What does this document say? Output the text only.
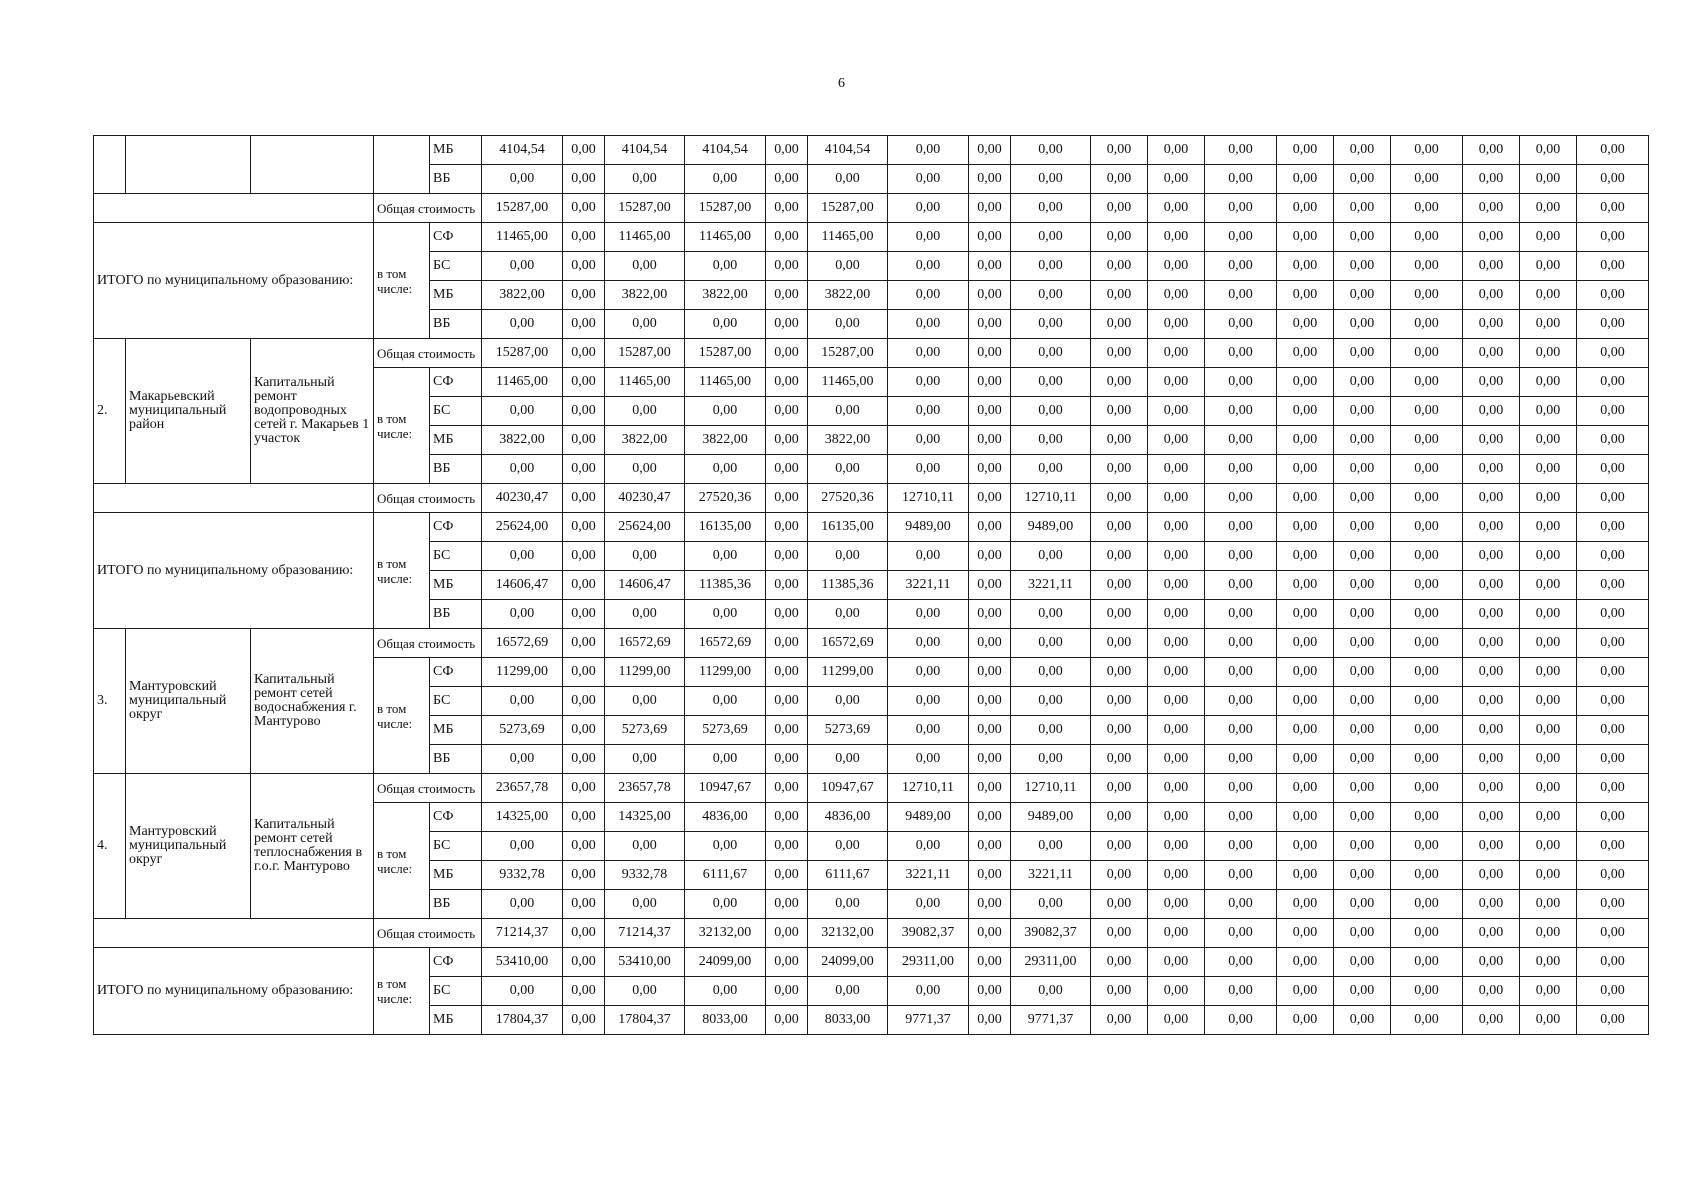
6
				МБ	4104,54	0,00	4104,54	4104,54	0,00	4104,54	0,00	0,00	0,00	0,00	0,00	0,00	0,00	0,00	0,00	0,00	0,00	0,00
				ВБ	0,00	0,00	0,00	0,00	0,00	0,00	0,00	0,00	0,00	0,00	0,00	0,00	0,00	0,00	0,00	0,00	0,00	0,00
			Общая стоимость		15287,00	0,00	15287,00	15287,00	0,00	15287,00	0,00	0,00	0,00	0,00	0,00	0,00	0,00	0,00	0,00	0,00	0,00	0,00
ИТОГО по муниципальному образованию:			в том числе:	СФ	11465,00	0,00	11465,00	11465,00	0,00	11465,00	0,00	0,00	0,00	0,00	0,00	0,00	0,00	0,00	0,00	0,00	0,00	0,00
				БС	0,00	0,00	0,00	0,00	0,00	0,00	0,00	0,00	0,00	0,00	0,00	0,00	0,00	0,00	0,00	0,00	0,00	0,00
				МБ	3822,00	0,00	3822,00	3822,00	0,00	3822,00	0,00	0,00	0,00	0,00	0,00	0,00	0,00	0,00	0,00	0,00	0,00	0,00
				ВБ	0,00	0,00	0,00	0,00	0,00	0,00	0,00	0,00	0,00	0,00	0,00	0,00	0,00	0,00	0,00	0,00	0,00	0,00
2.	Макарьевский муниципальный район	Капитальный ремонт водопроводных сетей г. Макарьев 1 участок	Общая стоимость		15287,00	0,00	15287,00	15287,00	0,00	15287,00	0,00	0,00	0,00	0,00	0,00	0,00	0,00	0,00	0,00	0,00	0,00	0,00
			в том числе:	СФ	11465,00	0,00	11465,00	11465,00	0,00	11465,00	0,00	0,00	0,00	0,00	0,00	0,00	0,00	0,00	0,00	0,00	0,00	0,00
				БС	0,00	0,00	0,00	0,00	0,00	0,00	0,00	0,00	0,00	0,00	0,00	0,00	0,00	0,00	0,00	0,00	0,00	0,00
				МБ	3822,00	0,00	3822,00	3822,00	0,00	3822,00	0,00	0,00	0,00	0,00	0,00	0,00	0,00	0,00	0,00	0,00	0,00	0,00
				ВБ	0,00	0,00	0,00	0,00	0,00	0,00	0,00	0,00	0,00	0,00	0,00	0,00	0,00	0,00	0,00	0,00	0,00	0,00
			Общая стоимость		40230,47	0,00	40230,47	27520,36	0,00	27520,36	12710,11	0,00	12710,11	0,00	0,00	0,00	0,00	0,00	0,00	0,00	0,00	0,00
ИТОГО по муниципальному образованию:			в том числе:	СФ	25624,00	0,00	25624,00	16135,00	0,00	16135,00	9489,00	0,00	9489,00	0,00	0,00	0,00	0,00	0,00	0,00	0,00	0,00	0,00
				БС	0,00	0,00	0,00	0,00	0,00	0,00	0,00	0,00	0,00	0,00	0,00	0,00	0,00	0,00	0,00	0,00	0,00	0,00
				МБ	14606,47	0,00	14606,47	11385,36	0,00	11385,36	3221,11	0,00	3221,11	0,00	0,00	0,00	0,00	0,00	0,00	0,00	0,00	0,00
				ВБ	0,00	0,00	0,00	0,00	0,00	0,00	0,00	0,00	0,00	0,00	0,00	0,00	0,00	0,00	0,00	0,00	0,00	0,00
3.	Мантуровский муниципальный округ	Капитальный ремонт сетей водоснабжения г. Мантурово	Общая стоимость		16572,69	0,00	16572,69	16572,69	0,00	16572,69	0,00	0,00	0,00	0,00	0,00	0,00	0,00	0,00	0,00	0,00	0,00	0,00
			в том числе:	СФ	11299,00	0,00	11299,00	11299,00	0,00	11299,00	0,00	0,00	0,00	0,00	0,00	0,00	0,00	0,00	0,00	0,00	0,00	0,00
				БС	0,00	0,00	0,00	0,00	0,00	0,00	0,00	0,00	0,00	0,00	0,00	0,00	0,00	0,00	0,00	0,00	0,00	0,00
				МБ	5273,69	0,00	5273,69	5273,69	0,00	5273,69	0,00	0,00	0,00	0,00	0,00	0,00	0,00	0,00	0,00	0,00	0,00	0,00
				ВБ	0,00	0,00	0,00	0,00	0,00	0,00	0,00	0,00	0,00	0,00	0,00	0,00	0,00	0,00	0,00	0,00	0,00	0,00
4.	Мантуровский муниципальный округ	Капитальный ремонт сетей теплоснабжения в г.о.г. Мантурово	Общая стоимость		23657,78	0,00	23657,78	10947,67	0,00	10947,67	12710,11	0,00	12710,11	0,00	0,00	0,00	0,00	0,00	0,00	0,00	0,00	0,00
			в том числе:	СФ	14325,00	0,00	14325,00	4836,00	0,00	4836,00	9489,00	0,00	9489,00	0,00	0,00	0,00	0,00	0,00	0,00	0,00	0,00	0,00
				БС	0,00	0,00	0,00	0,00	0,00	0,00	0,00	0,00	0,00	0,00	0,00	0,00	0,00	0,00	0,00	0,00	0,00	0,00
				МБ	9332,78	0,00	9332,78	6111,67	0,00	6111,67	3221,11	0,00	3221,11	0,00	0,00	0,00	0,00	0,00	0,00	0,00	0,00	0,00
				ВБ	0,00	0,00	0,00	0,00	0,00	0,00	0,00	0,00	0,00	0,00	0,00	0,00	0,00	0,00	0,00	0,00	0,00	0,00
			Общая стоимость		71214,37	0,00	71214,37	32132,00	0,00	32132,00	39082,37	0,00	39082,37	0,00	0,00	0,00	0,00	0,00	0,00	0,00	0,00	0,00
ИТОГО по муниципальному образованию:			в том числе:	СФ	53410,00	0,00	53410,00	24099,00	0,00	24099,00	29311,00	0,00	29311,00	0,00	0,00	0,00	0,00	0,00	0,00	0,00	0,00	0,00
				БС	0,00	0,00	0,00	0,00	0,00	0,00	0,00	0,00	0,00	0,00	0,00	0,00	0,00	0,00	0,00	0,00	0,00	0,00
				МБ	17804,37	0,00	17804,37	8033,00	0,00	8033,00	9771,37	0,00	9771,37	0,00	0,00	0,00	0,00	0,00	0,00	0,00	0,00	0,00
